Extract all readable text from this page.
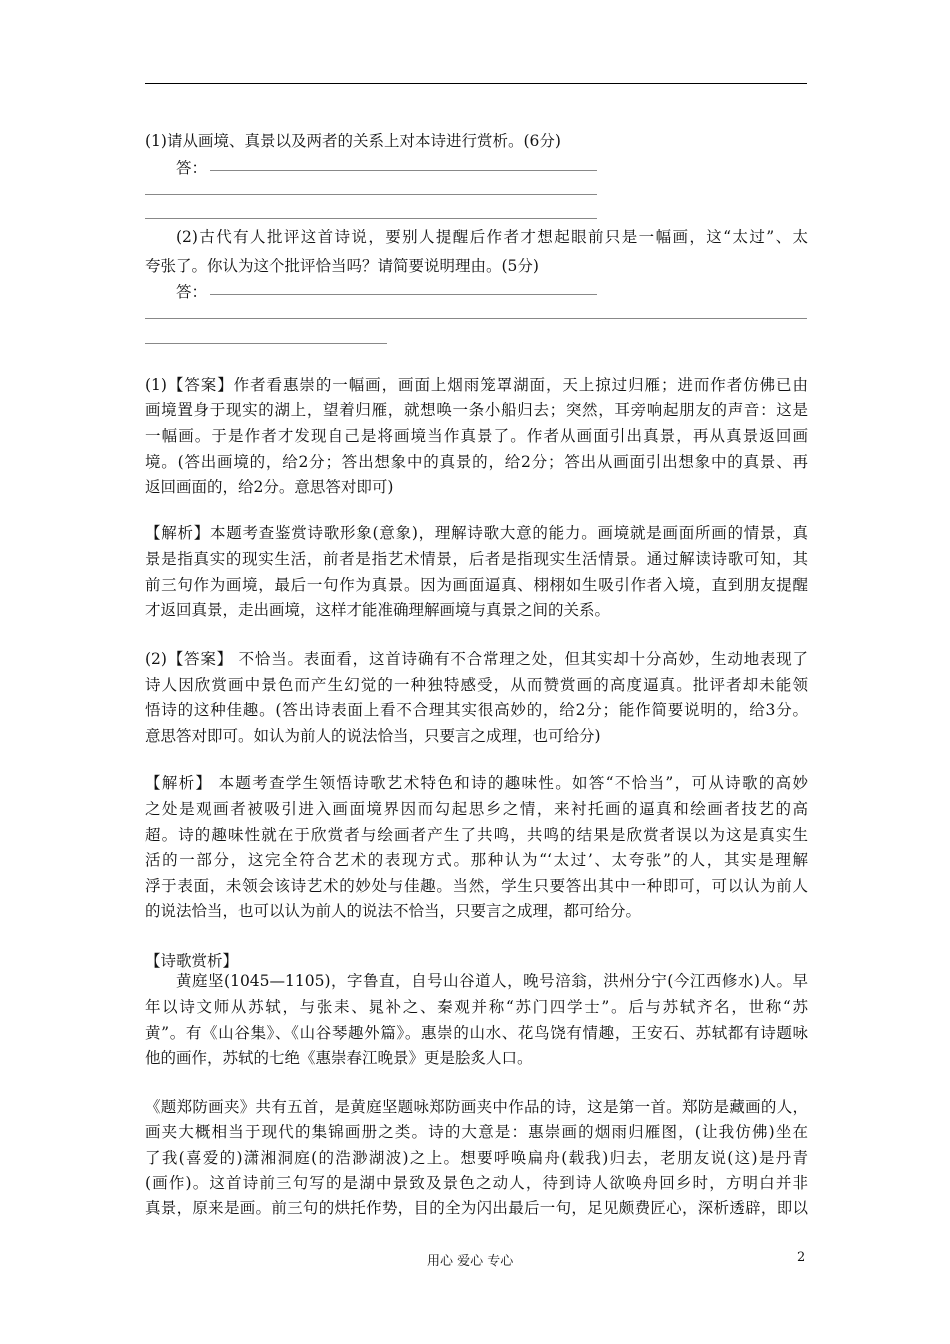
(1)请从画境、真景以及两者的关系上对本诗进行赏析。(6分)
答：
(2)古代有人批评这首诗说，要别人提醒后作者才想起眼前只是一幅画，这“太过”、太
夸张了。你认为这个批评恰当吗？请简要说明理由。(5分)
答：
(1)【答案】作者看惠崇的一幅画，画面上烟雨笼罩湖面，天上掠过归雁；进而作者仿佛已由
画境置身于现实的湖上，望着归雁，就想唤一条小船归去；突然，耳旁响起朋友的声音：这是
一幅画。于是作者才发现自己是将画境当作真景了。作者从画面引出真景，再从真景返回画
境。(答出画境的，给2分；答出想象中的真景的，给2分；答出从画面引出想象中的真景、再
返回画面的，给2分。意思答对即可)
【解析】本题考查鉴赏诗歌形象(意象)，理解诗歌大意的能力。画境就是画面所画的情景，真
景是指真实的现实生活，前者是指艺术情景，后者是指现实生活情景。通过解读诗歌可知，其
前三句作为画境，最后一句作为真景。因为画面逼真、栩栩如生吸引作者入境，直到朋友提醒
才返回真景，走出画境，这样才能准确理解画境与真景之间的关系。
(2)【答案】 不恰当。表面看，这首诗确有不合常理之处，但其实却十分高妙，生动地表现了
诗人因欣赏画中景色而产生幻觉的一种独特感受，从而赞赏画的高度逼真。批评者却未能领
悟诗的这种佳趣。(答出诗表面上看不合理其实很高妙的，给2分；能作简要说明的，给3分。
意思答对即可。如认为前人的说法恰当，只要言之成理，也可给分)
【解析】 本题考查学生领悟诗歌艺术特色和诗的趣味性。如答“不恰当”，可从诗歌的高妙
之处是观画者被吸引进入画面境界因而勾起思乡之情，来衬托画的逼真和绘画者技艺的高
超。诗的趣味性就在于欣赏者与绘画者产生了共鸣，共鸣的结果是欣赏者误以为这是真实生
活的一部分，这完全符合艺术的表现方式。那种认为“‘太过’、太夸张”的人，其实是理解
浮于表面，未领会该诗艺术的妙处与佳趣。当然，学生只要答出其中一种即可，可以认为前人
的说法恰当，也可以认为前人的说法不恰当，只要言之成理，都可给分。
【诗歌赏析】
黄庭坚(1045—1105)，字鲁直，自号山谷道人，晚号涪翁，洪州分宁(今江西修水)人。早
年以诗文师从苏轼，与张耒、晁补之、秦观并称“苏门四学士”。后与苏轼齐名，世称“苏
黄”。有《山谷集》、《山谷琴趣外篇》。惠崇的山水、花鸟饶有情趣，王安石、苏轼都有诗题咏
他的画作，苏轼的七绝《惠崇春江晚景》更是脍炙人口。
《题郑防画夹》共有五首，是黄庭坚题咏郑防画夹中作品的诗，这是第一首。郑防是藏画的人，
画夹大概相当于现代的集锦画册之类。诗的大意是：惠崇画的烟雨归雁图，(让我仿佛)坐在
了我(喜爱的)潇湘洞庭(的浩渺湖波)之上。想要呼唤扁舟(载我)归去，老朋友说(这)是丹青
(画作)。这首诗前三句写的是湖中景致及景色之动人，待到诗人欲唤舟回乡时，方明白并非
真景，原来是画。前三句的烘托作势，目的全为闪出最后一句，足见颇费匠心，深析透辟，即以
用心 爱心 专心	2
